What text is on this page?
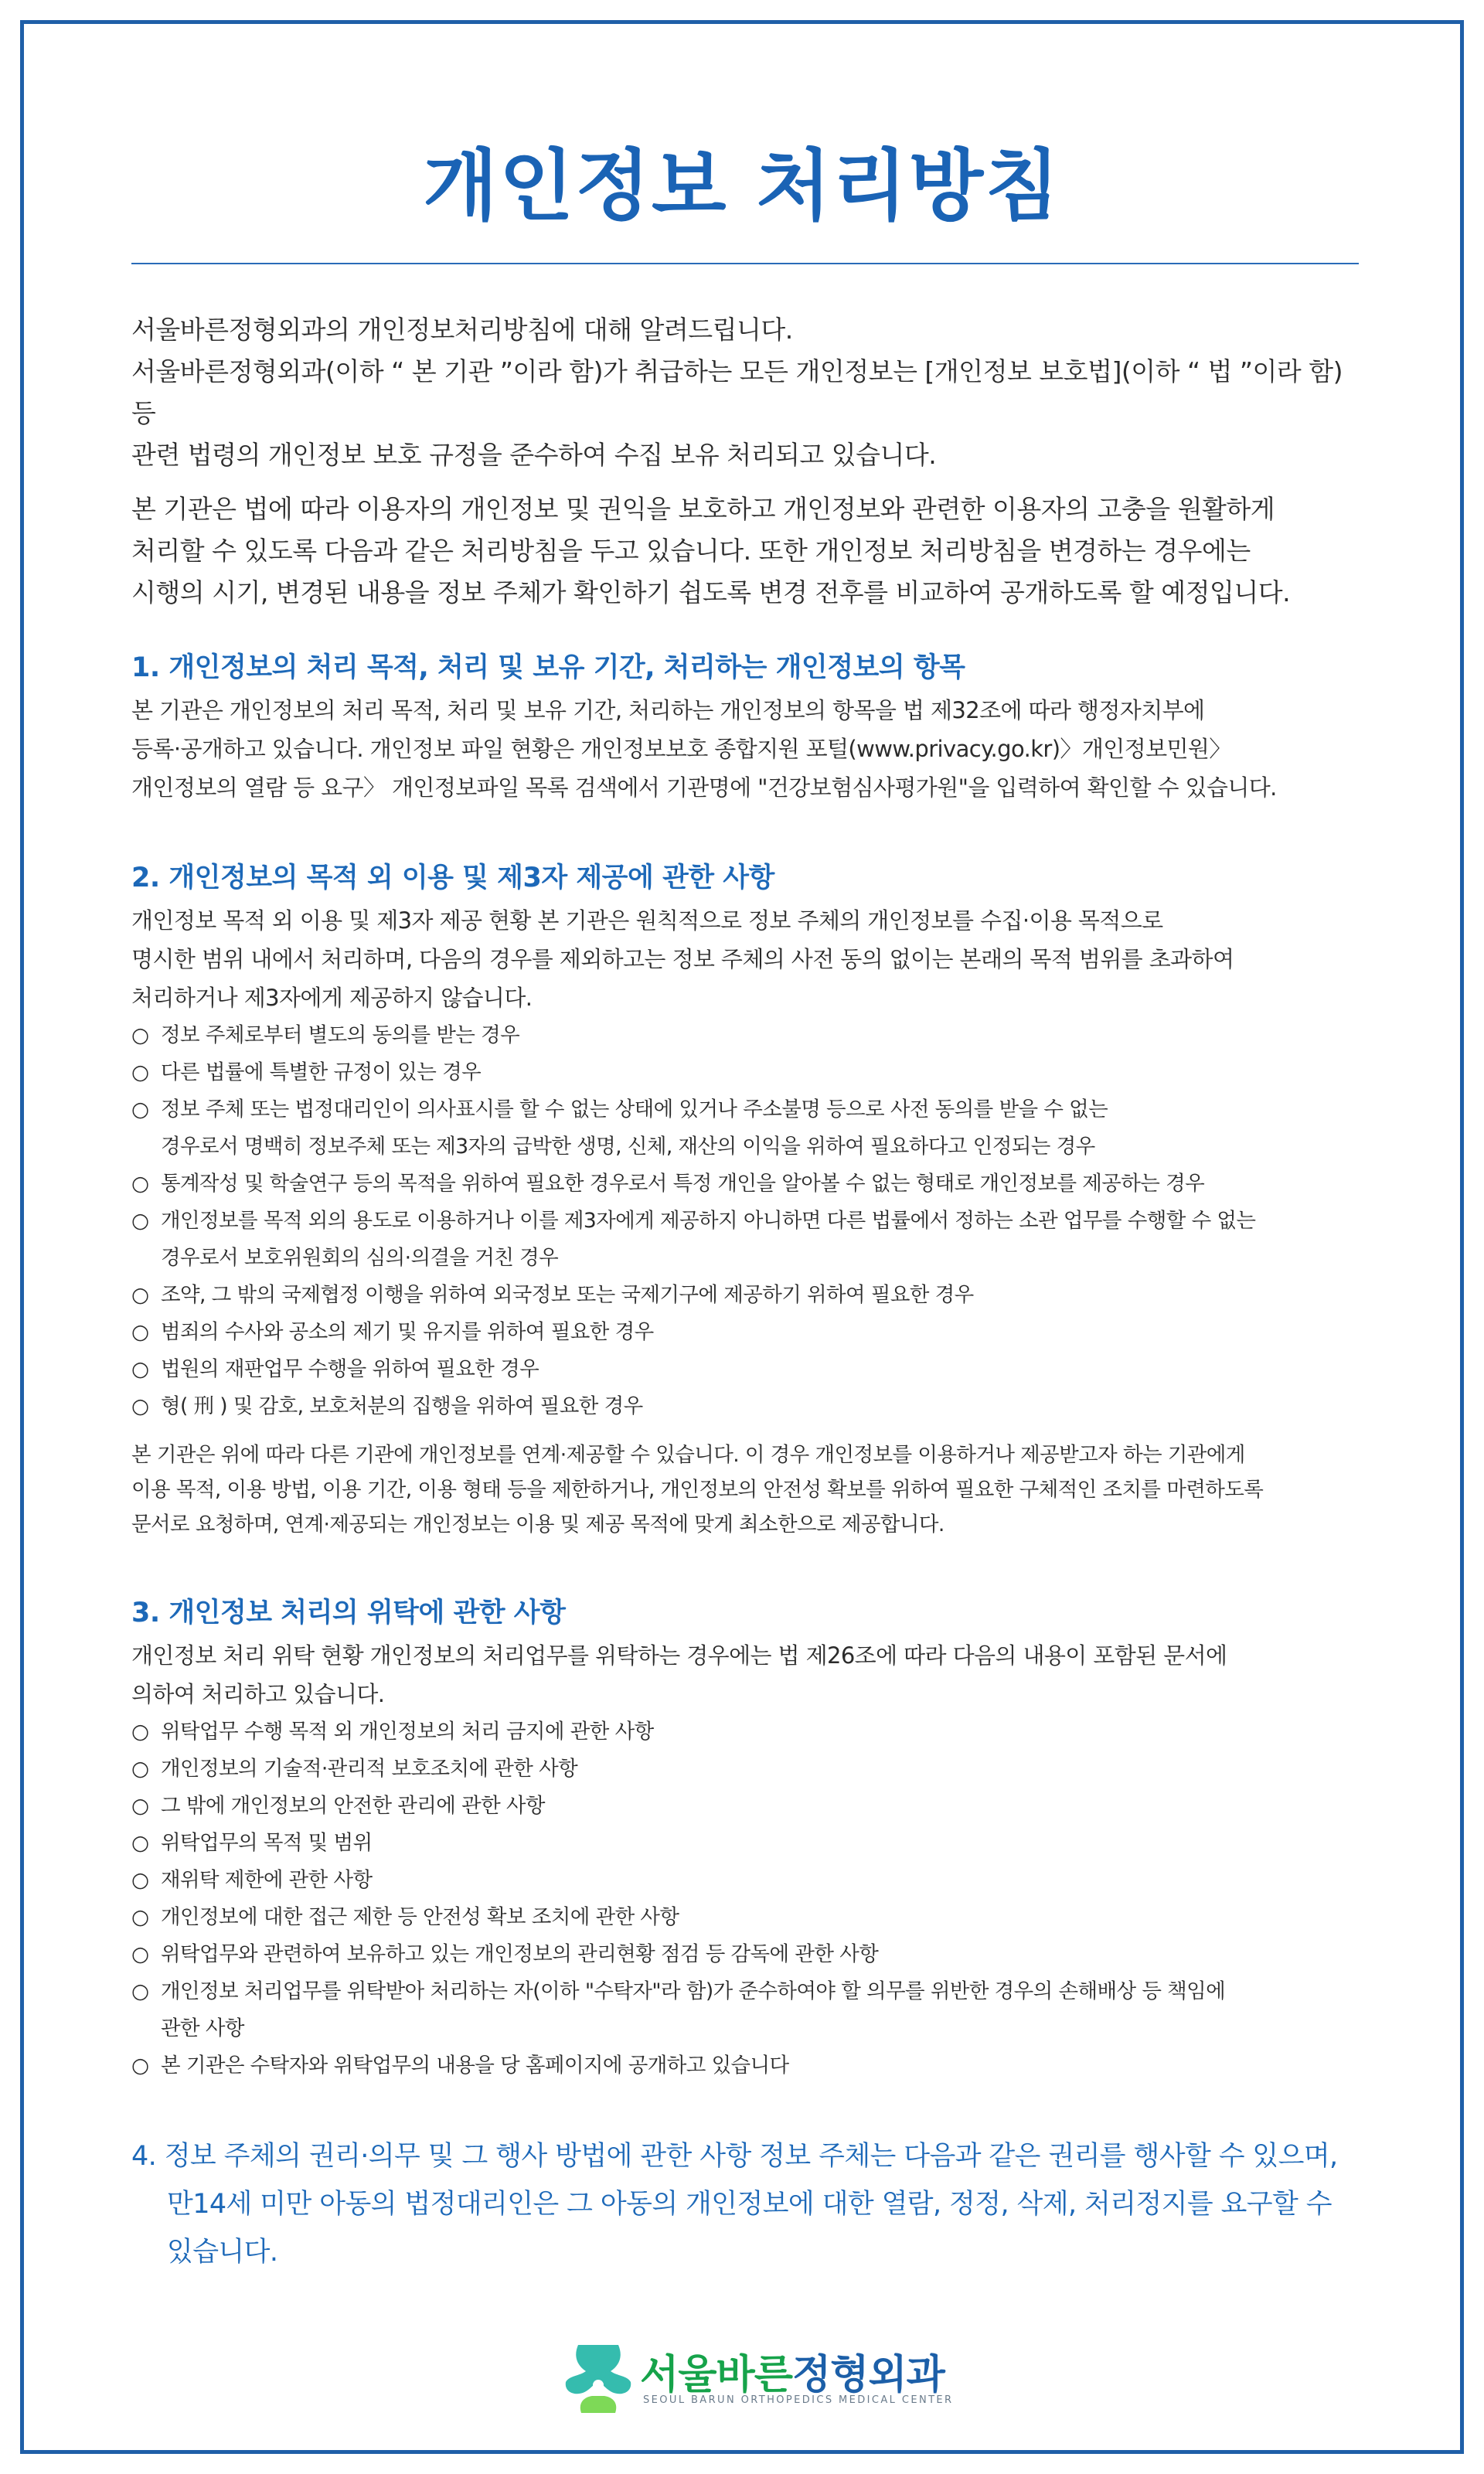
개인정보 처리방침
서울바른정형외과의 개인정보처리방침에 대해 알려드립니다.
서울바른정형외과(이하 “ 본 기관 ”이라 함)가 취급하는 모든 개인정보는 [개인정보 보호법](이하 “ 법 ”이라 함) 등
관련 법령의 개인정보 보호 규정을 준수하여 수집 보유 처리되고 있습니다.
본 기관은 법에 따라 이용자의 개인정보 및 권익을 보호하고 개인정보와 관련한 이용자의 고충을 원활하게
처리할 수 있도록 다음과 같은 처리방침을 두고 있습니다. 또한 개인정보 처리방침을 변경하는 경우에는
시행의 시기, 변경된 내용을 정보 주체가 확인하기 쉽도록 변경 전후를 비교하여 공개하도록 할 예정입니다.
1. 개인정보의 처리 목적, 처리 및 보유 기간, 처리하는 개인정보의 항목
본 기관은 개인정보의 처리 목적, 처리 및 보유 기간, 처리하는 개인정보의 항목을 법 제32조에 따라 행정자치부에
등록·공개하고 있습니다. 개인정보 파일 현황은 개인정보보호 종합지원 포털(www.privacy.go.kr)〉개인정보민원〉
개인정보의 열람 등 요구〉 개인정보파일 목록 검색에서 기관명에 "건강보험심사평가원"을 입력하여 확인할 수 있습니다.
2. 개인정보의 목적 외 이용 및 제3자 제공에 관한 사항
개인정보 목적 외 이용 및 제3자 제공 현황 본 기관은 원칙적으로 정보 주체의 개인정보를 수집·이용 목적으로
명시한 범위 내에서 처리하며, 다음의 경우를 제외하고는 정보 주체의 사전 동의 없이는 본래의 목적 범위를 초과하여
처리하거나 제3자에게 제공하지 않습니다.
○ 정보 주체로부터 별도의 동의를 받는 경우
○ 다른 법률에 특별한 규정이 있는 경우
○ 정보 주체 또는 법정대리인이 의사표시를 할 수 없는 상태에 있거나 주소불명 등으로 사전 동의를 받을 수 없는
경우로서 명백히 정보주체 또는 제3자의 급박한 생명, 신체, 재산의 이익을 위하여 필요하다고 인정되는 경우
○ 통계작성 및 학술연구 등의 목적을 위하여 필요한 경우로서 특정 개인을 알아볼 수 없는 형태로 개인정보를 제공하는 경우
○ 개인정보를 목적 외의 용도로 이용하거나 이를 제3자에게 제공하지 아니하면 다른 법률에서 정하는 소관 업무를 수행할 수 없는
경우로서 보호위원회의 심의·의결을 거친 경우
○ 조약, 그 밖의 국제협정 이행을 위하여 외국정보 또는 국제기구에 제공하기 위하여 필요한 경우
○ 범죄의 수사와 공소의 제기 및 유지를 위하여 필요한 경우
○ 법원의 재판업무 수행을 위하여 필요한 경우
○ 형( 刑 ) 및 감호, 보호처분의 집행을 위하여 필요한 경우
본 기관은 위에 따라 다른 기관에 개인정보를 연계·제공할 수 있습니다. 이 경우 개인정보를 이용하거나 제공받고자 하는 기관에게
이용 목적, 이용 방법, 이용 기간, 이용 형태 등을 제한하거나, 개인정보의 안전성 확보를 위하여 필요한 구체적인 조치를 마련하도록
문서로 요청하며, 연계·제공되는 개인정보는 이용 및 제공 목적에 맞게 최소한으로 제공합니다.
3. 개인정보 처리의 위탁에 관한 사항
개인정보 처리 위탁 현황 개인정보의 처리업무를 위탁하는 경우에는 법 제26조에 따라 다음의 내용이 포함된 문서에
의하여 처리하고 있습니다.
○ 위탁업무 수행 목적 외 개인정보의 처리 금지에 관한 사항
○ 개인정보의 기술적·관리적 보호조치에 관한 사항
○ 그 밖에 개인정보의 안전한 관리에 관한 사항
○ 위탁업무의 목적 및 범위
○ 재위탁 제한에 관한 사항
○ 개인정보에 대한 접근 제한 등 안전성 확보 조치에 관한 사항
○ 위탁업무와 관련하여 보유하고 있는 개인정보의 관리현황 점검 등 감독에 관한 사항
○ 개인정보 처리업무를 위탁받아 처리하는 자(이하 "수탁자"라 함)가 준수하여야 할 의무를 위반한 경우의 손해배상 등 책임에
관한 사항
○ 본 기관은 수탁자와 위탁업무의 내용을 당 홈페이지에 공개하고 있습니다
4. 정보 주체의 권리·의무 및 그 행사 방법에 관한 사항 정보 주체는 다음과 같은 권리를 행사할 수 있으며,
만14세 미만 아동의 법정대리인은 그 아동의 개인정보에 대한 열람, 정정, 삭제, 처리정지를 요구할 수
있습니다.
서울바른정형외과
SEOUL BARUN ORTHOPEDICS MEDICAL CENTER
